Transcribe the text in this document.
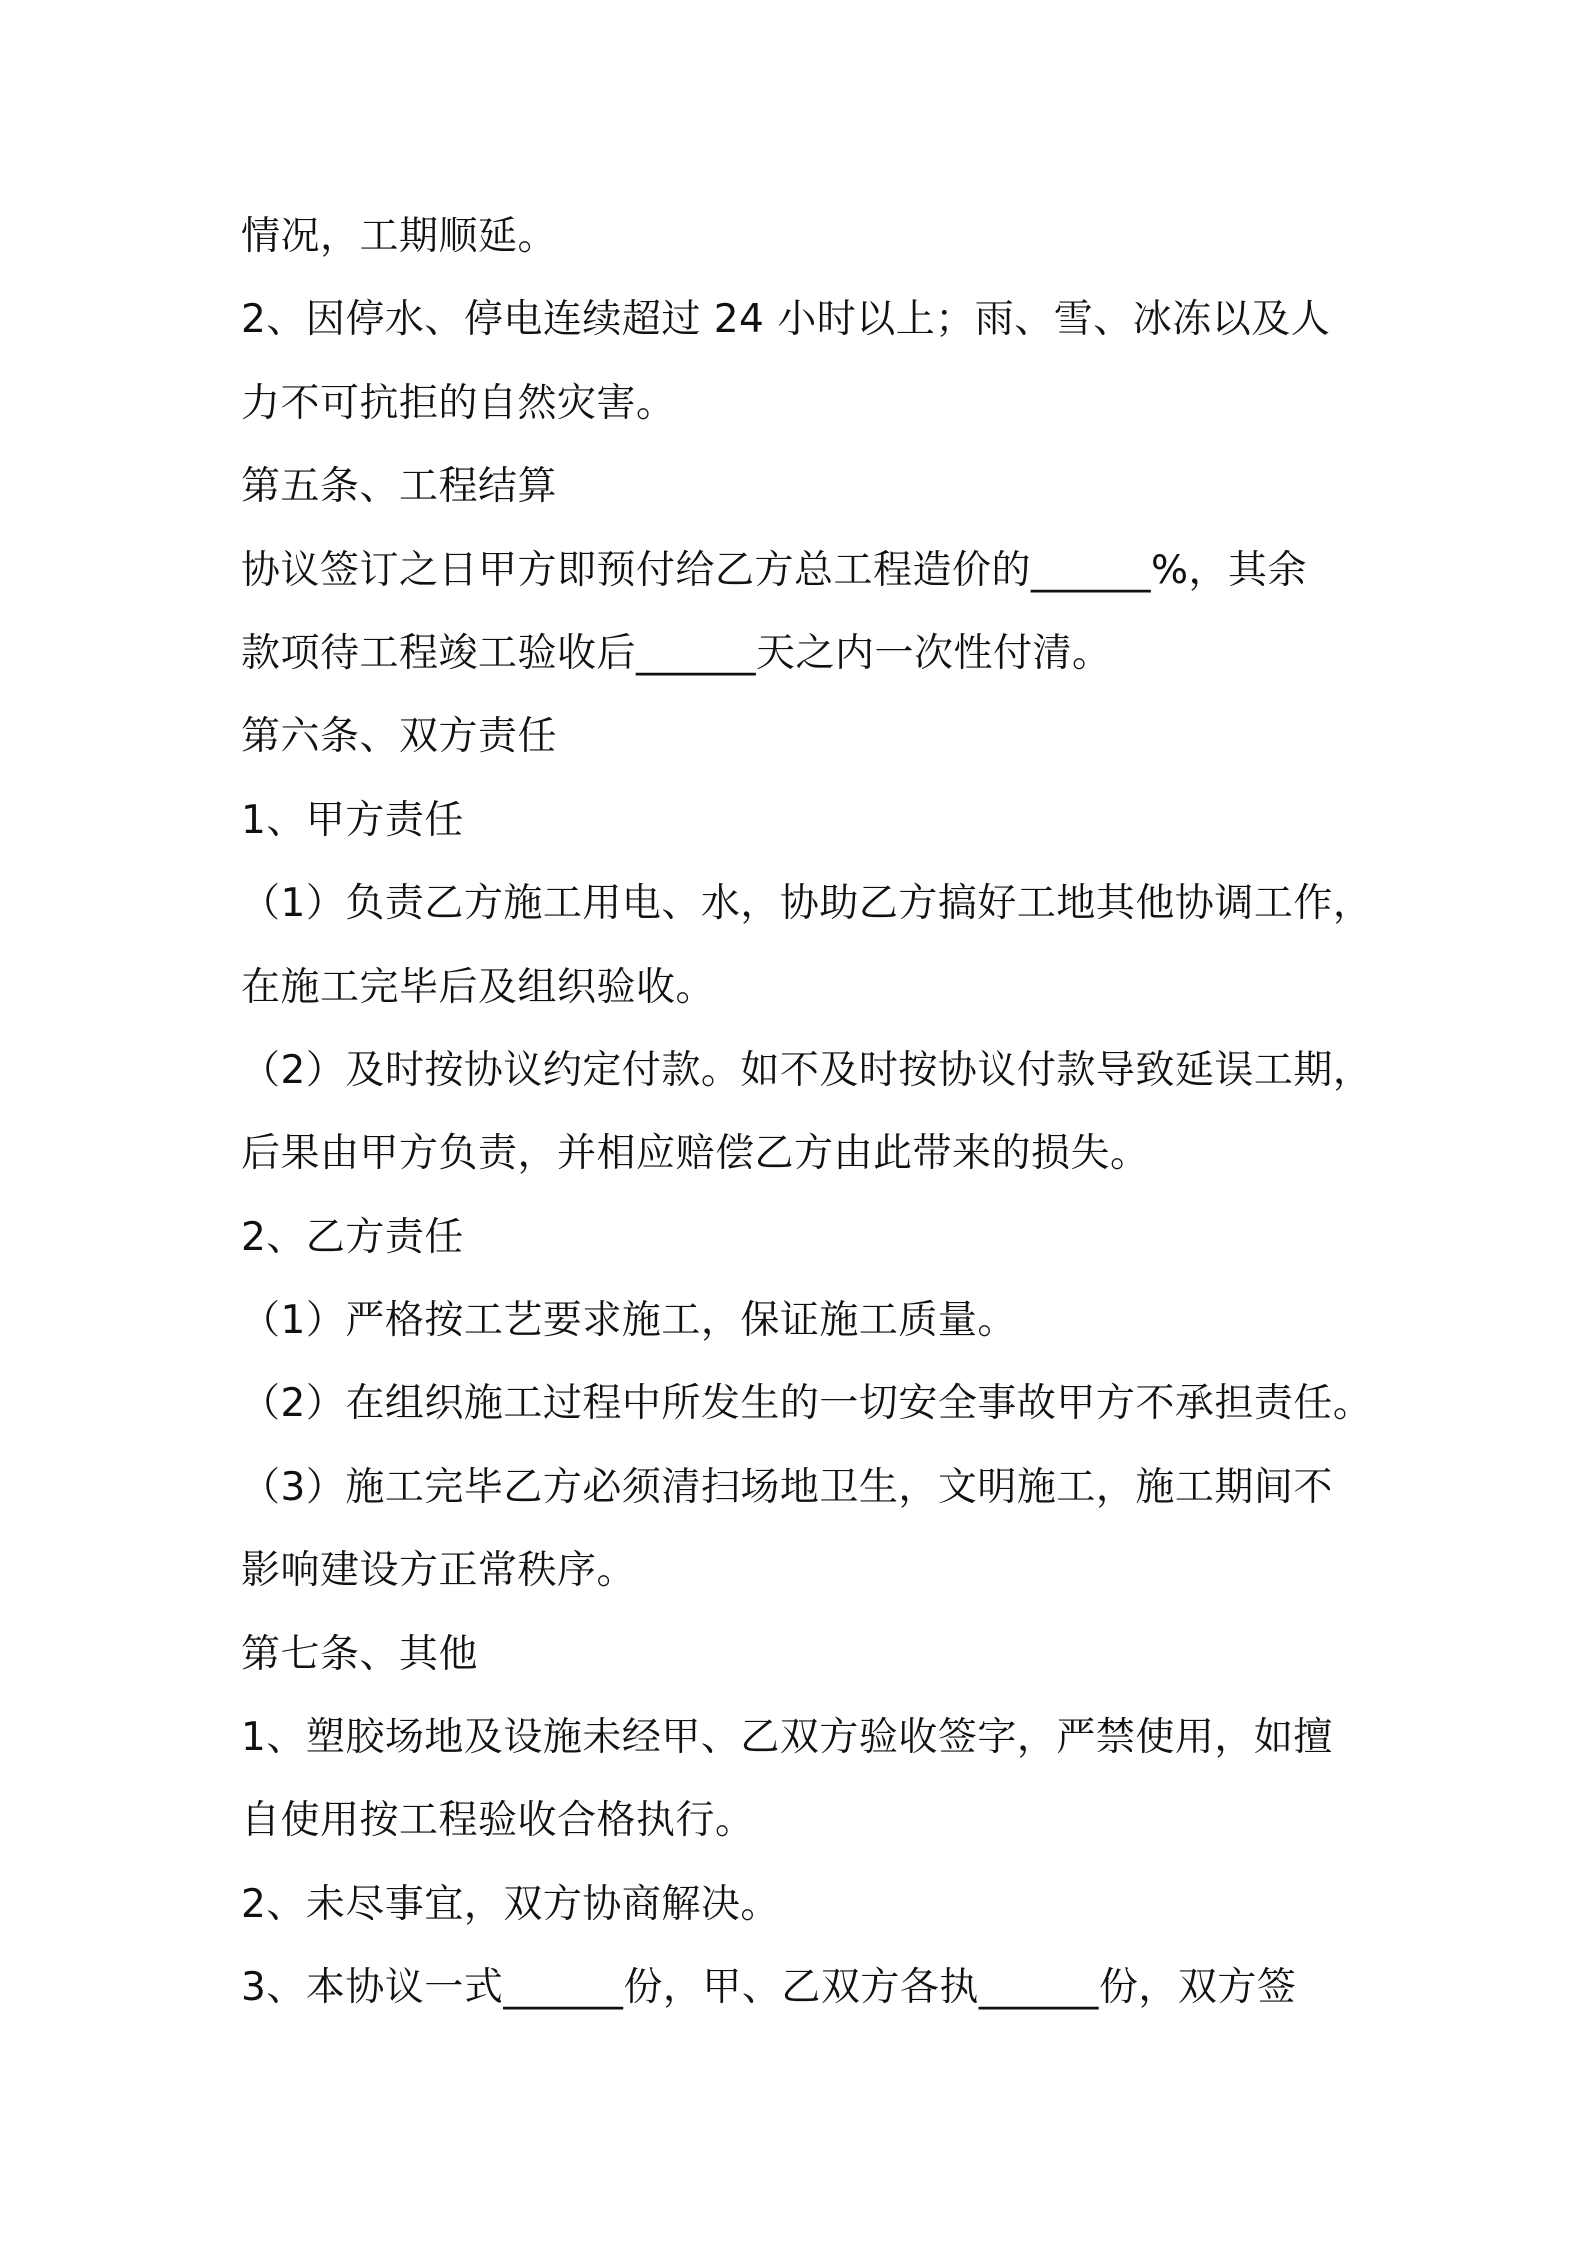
情况，工期顺延。
2、因停水、停电连续超过 24 小时以上；雨、雪、冰冻以及人
力不可抗拒的自然灾害。
第五条、工程结算
协议签订之日甲方即预付给乙方总工程造价的______%，其余
款项待工程竣工验收后______天之内一次性付清。
第六条、双方责任
1、甲方责任
（1）负责乙方施工用电、水，协助乙方搞好工地其他协调工作，
在施工完毕后及组织验收。
（2）及时按协议约定付款。如不及时按协议付款导致延误工期，
后果由甲方负责，并相应赔偿乙方由此带来的损失。
2、乙方责任
（1）严格按工艺要求施工，保证施工质量。
（2）在组织施工过程中所发生的一切安全事故甲方不承担责任。
（3）施工完毕乙方必须清扫场地卫生，文明施工，施工期间不
影响建设方正常秩序。
第七条、其他
1、塑胶场地及设施未经甲、乙双方验收签字，严禁使用，如擅
自使用按工程验收合格执行。
2、未尽事宜，双方协商解决。
3、本协议一式______份，甲、乙双方各执______份，双方签
